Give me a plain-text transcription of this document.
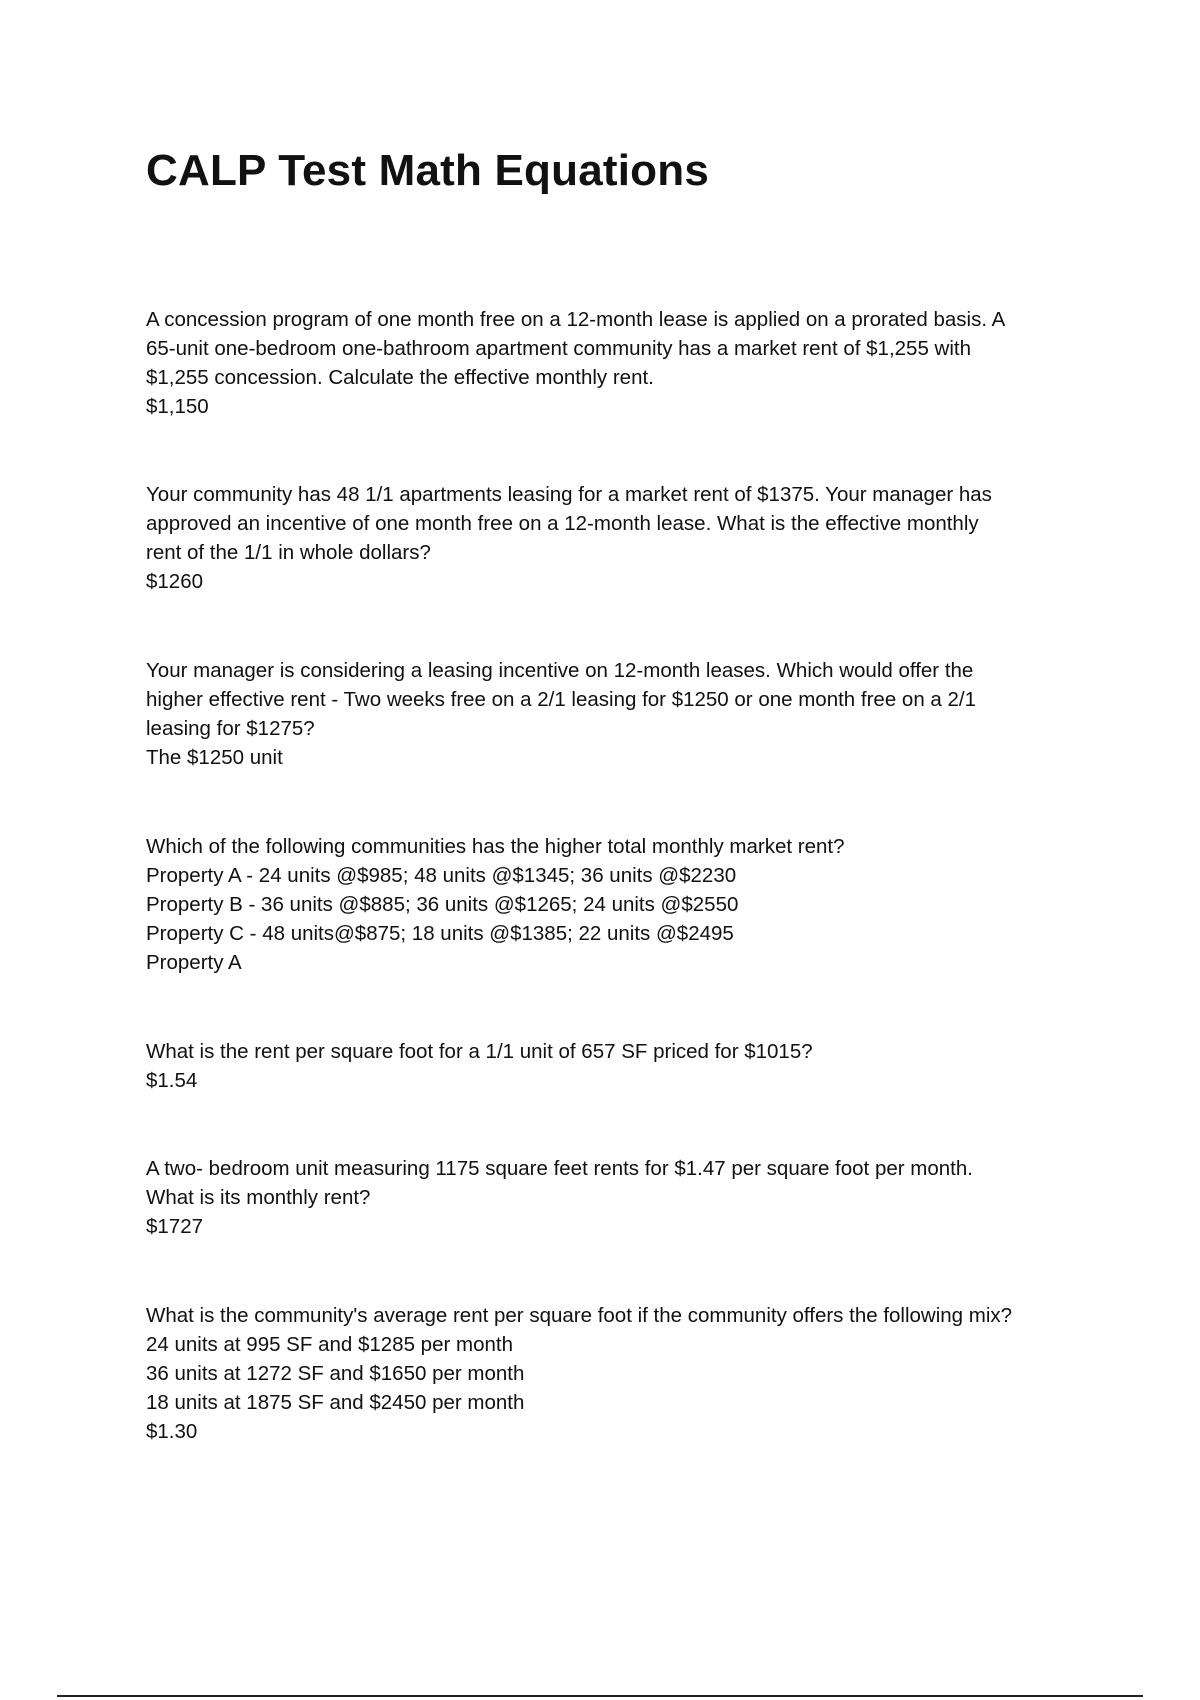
CALP Test Math Equations
A concession program of one month free on a 12-month lease is applied on a prorated basis. A
65-unit one-bedroom one-bathroom apartment community has a market rent of $1,255 with
$1,255 concession. Calculate the effective monthly rent.
$1,150
Your community has 48 1/1 apartments leasing for a market rent of $1375. Your manager has
approved an incentive of one month free on a 12-month lease. What is the effective monthly
rent of the 1/1 in whole dollars?
$1260
Your manager is considering a leasing incentive on 12-month leases. Which would offer the
higher effective rent - Two weeks free on a 2/1 leasing for $1250 or one month free on a 2/1
leasing for $1275?
The $1250 unit
Which of the following communities has the higher total monthly market rent?
Property A - 24 units @$985; 48 units @$1345; 36 units @$2230
Property B - 36 units @$885; 36 units @$1265; 24 units @$2550
Property C - 48 units@$875; 18 units @$1385; 22 units @$2495
Property A
What is the rent per square foot for a 1/1 unit of 657 SF priced for $1015?
$1.54
A two- bedroom unit measuring 1175 square feet rents for $1.47 per square foot per month.
What is its monthly rent?
$1727
What is the community's average rent per square foot if the community offers the following mix?
24 units at 995 SF and $1285 per month
36 units at 1272 SF and $1650 per month
18 units at 1875 SF and $2450 per month
$1.30
